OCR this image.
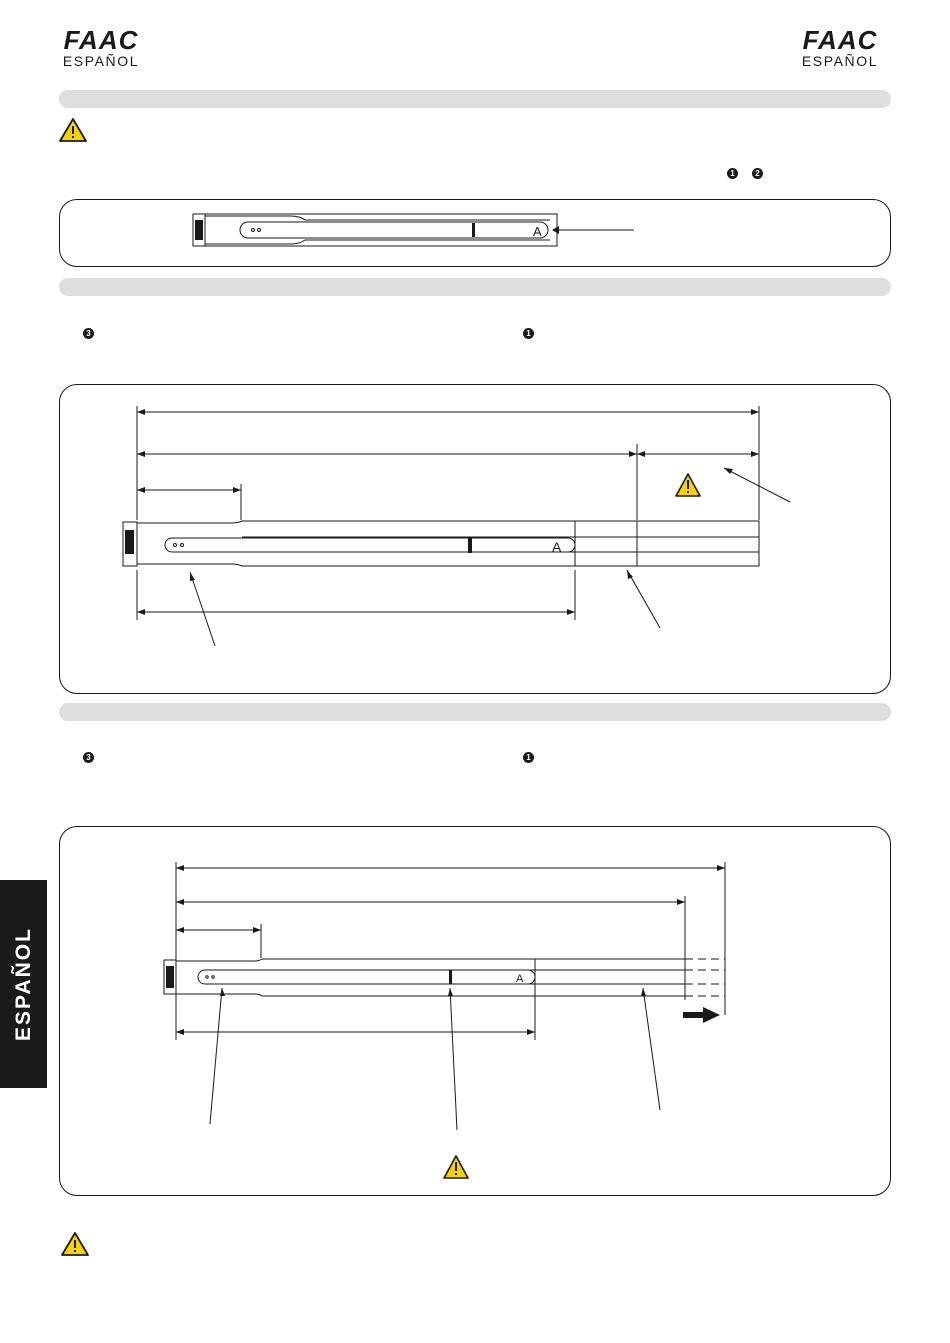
FAAC
ESPAÑOL
FAAC
ESPAÑOL
1	2
A
3	1
A
3	1
A
ESPAÑOL
